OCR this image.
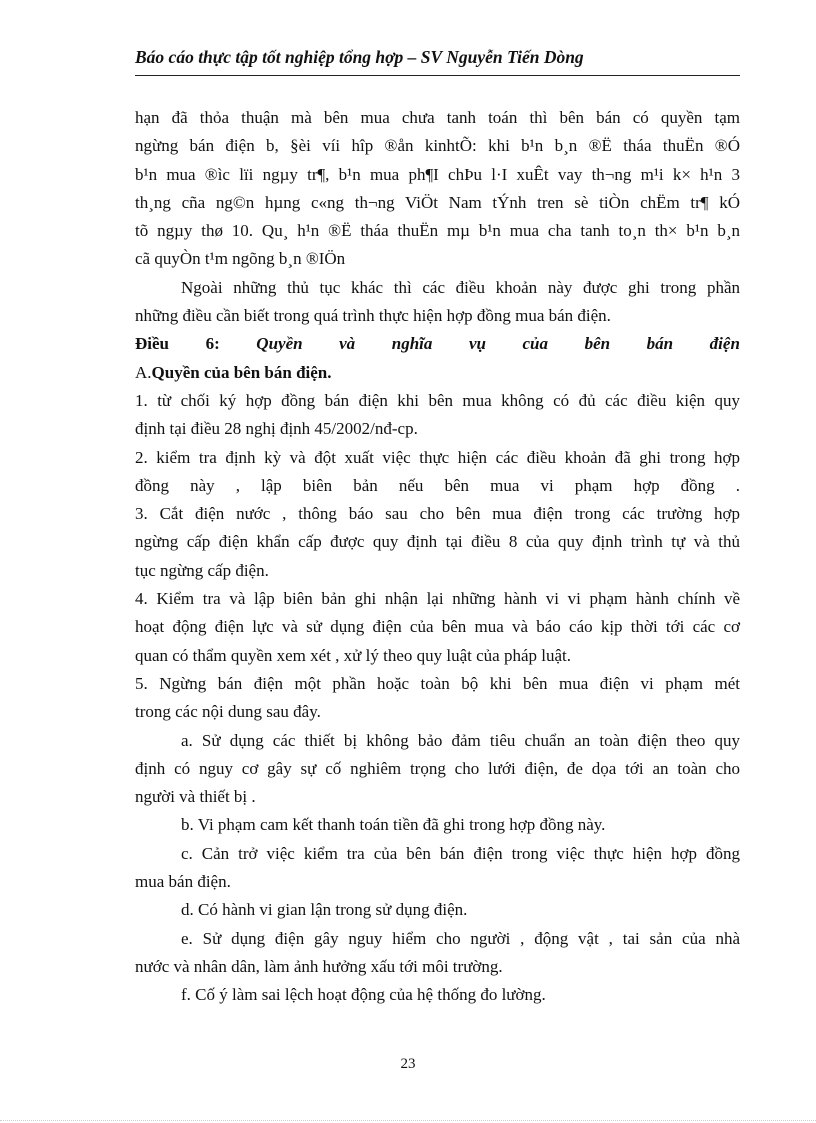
Báo cáo thực tập tốt nghiệp tổng hợp – SV Nguyễn Tiến Dòng

hạn đã thỏa thuận mà bên mua chưa tanh toán thì bên bán có quyền tạm

ngừng bán điện b, §èi víi hîp ®ån kinhtÕ: khi b¹n b¸n ®Ë tháa thuËn ®Ó

b¹n mua ®ìc lïi ngµy tr¶, b¹n mua ph¶I chÞu l·I xuÊt vay th¬ng m¹i k× h¹n 3

th¸ng cña ng©n hµng c«ng th¬ng ViÖt Nam tÝnh tren sè tiÒn chËm tr¶ kÓ

tõ ngµy thø 10. Qu¸ h¹n ®Ë tháa thuËn mµ b¹n mua cha tanh to¸n th× b¹n b¸n

cã quyÒn t¹m ngõng b¸n ®IÖn

Ngoài những thủ tục khác thì các điều khoản này được ghi trong phần

những điều cần biết trong quá trình thực hiện hợp đồng mua bán điện.

Điều 6: Quyền và nghĩa vụ của bên bán điện

A.Quyền của bên bán điện.

1. từ chối ký hợp đồng bán điện khi bên mua không có đủ các điều kiện quy

định tại điều 28 nghị định 45/2002/nđ-cp.

2. kiểm tra định kỳ và đột xuất việc thực hiện các điều khoản đã ghi trong hợp

đồng này , lập biên bản nếu bên mua vi phạm hợp đồng .

3. Cắt điện nước , thông báo sau cho bên mua điện trong các trường hợp

ngừng cấp điện khẩn cấp được quy định tại điều 8 của quy định trình tự và thủ

tục ngừng cấp điện.

4. Kiểm tra và lập biên bản ghi nhận lại những hành vi vi phạm hành chính về

hoạt động điện lực và sử dụng điện của bên mua và báo cáo kịp thời tới các cơ

quan có thẩm quyền xem xét , xử lý theo quy luật của pháp luật.

5. Ngừng bán điện một phần hoặc toàn bộ khi bên mua điện vi phạm mét

trong các nội dung sau đây.

a. Sử dụng các thiết bị không bảo đảm tiêu chuẩn an toàn điện theo quy

định có nguy cơ gây sự cố nghiêm trọng cho lưới điện, đe dọa tới an toàn cho

người và thiết bị .

b. Vi phạm cam kết thanh toán tiền đã ghi trong hợp đồng này.

c. Cản trở việc kiểm tra của bên bán điện trong việc thực hiện hợp đồng

mua bán điện.

d. Có hành vi gian lận trong sử dụng điện.

e. Sử dụng điện gây nguy hiểm cho người , động vật , tai sản của nhà

nước và nhân dân, làm ảnh hưởng xấu tới môi trường.

f. Cố ý làm sai lệch hoạt động của hệ thống đo lường.

23
